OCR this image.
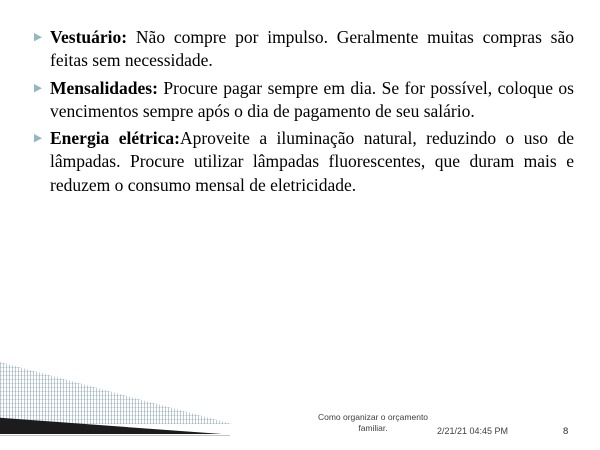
Vestuário: Não compre por impulso. Geralmente muitas compras são feitas sem necessidade.
Mensalidades: Procure pagar sempre em dia. Se for possível, coloque os vencimentos sempre após o dia de pagamento de seu salário.
Energia elétrica:Aproveite a iluminação natural, reduzindo o uso de lâmpadas. Procure utilizar lâmpadas fluorescentes, que duram mais e reduzem o consumo mensal de eletricidade.
Como organizar o orçamento familiar.	2/21/21 04:45 PM	8
